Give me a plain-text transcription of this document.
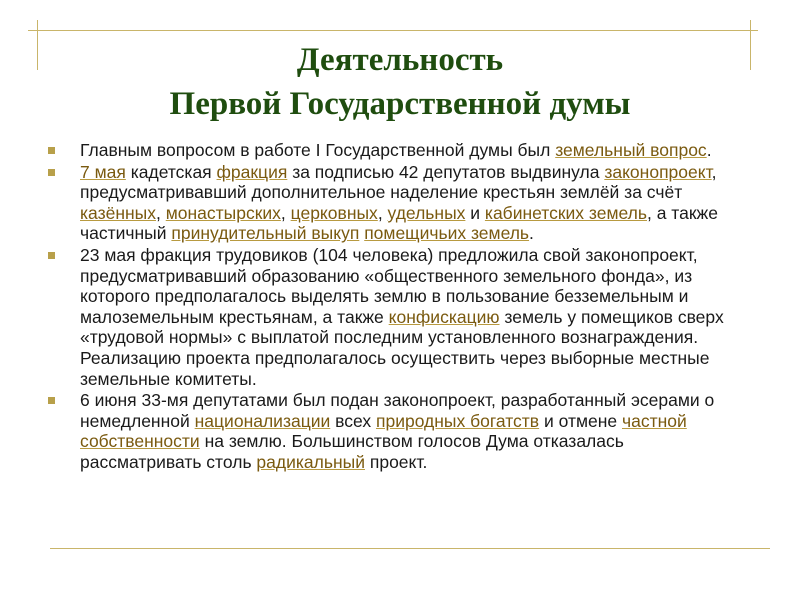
Деятельность
Первой Государственной думы
Главным вопросом в работе I Государственной думы был земельный вопрос.
7 мая кадетская фракция за подписью 42 депутатов выдвинула законопроект, предусматривавший дополнительное наделение крестьян землёй за счёт казённых, монастырских, церковных, удельных и кабинетских земель, а также частичный принудительный выкуп помещичьих земель.
23 мая фракция трудовиков (104 человека) предложила свой законопроект, предусматривавший образованию «общественного земельного фонда», из которого предполагалось выделять землю в пользование безземельным и малоземельным крестьянам, а также конфискацию земель у помещиков сверх «трудовой нормы» с выплатой последним установленного вознаграждения. Реализацию проекта предполагалось осуществить через выборные местные земельные комитеты.
6 июня 33-мя депутатами был подан законопроект, разработанный эсерами о немедленной национализации всех природных богатств и отмене частной собственности на землю. Большинством голосов Дума отказалась рассматривать столь радикальный проект.
